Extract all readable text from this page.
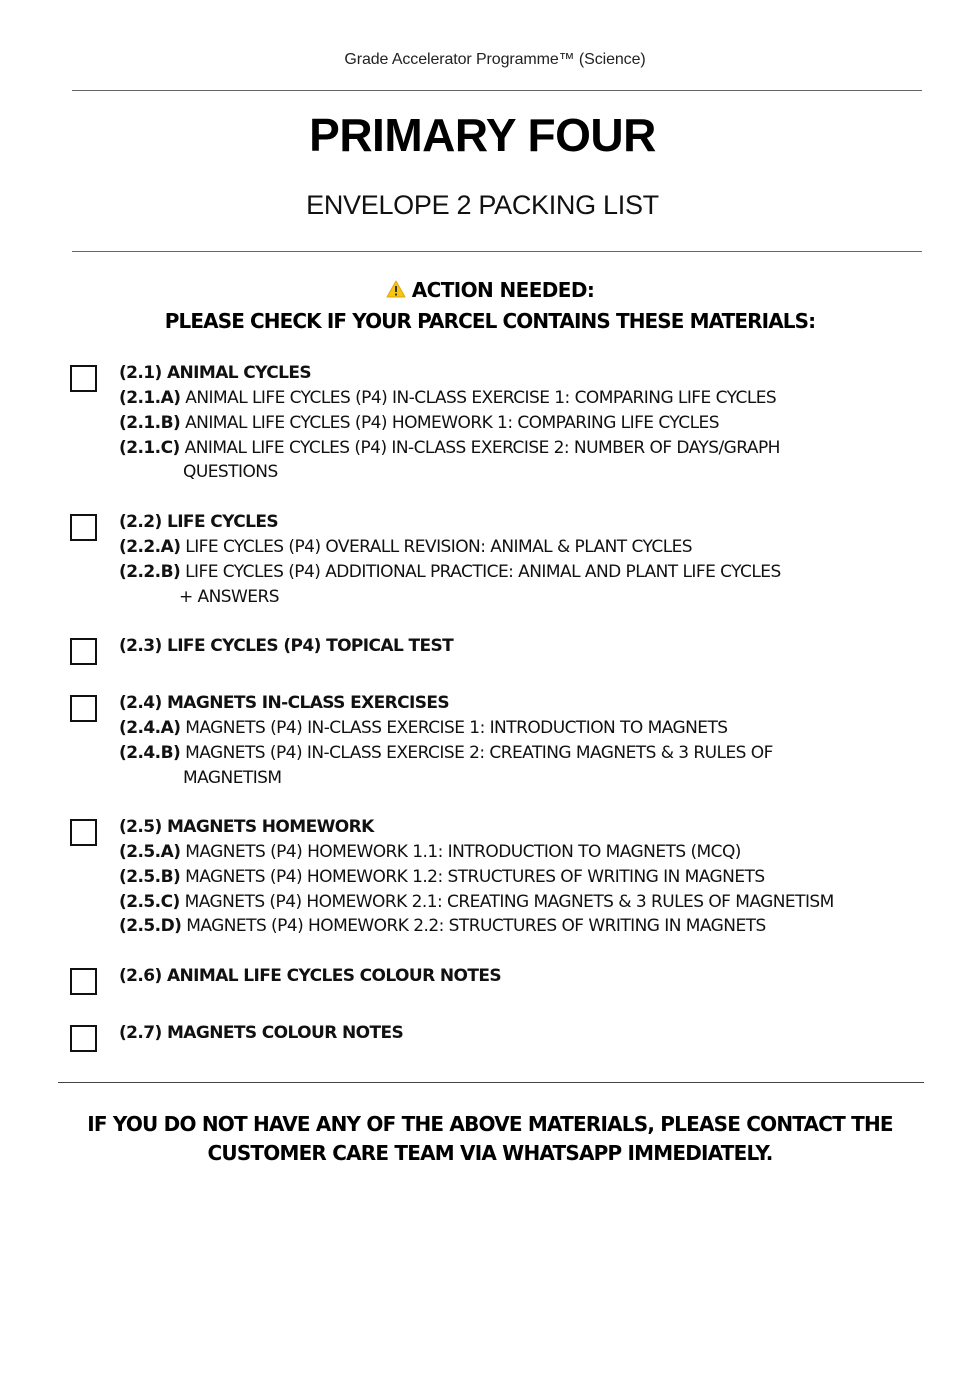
Grade Accelerator Programme™ (Science)
PRIMARY FOUR
ENVELOPE 2 PACKING LIST
ACTION NEEDED:
PLEASE CHECK IF YOUR PARCEL CONTAINS THESE MATERIALS:
(2.1) ANIMAL CYCLES
(2.1.A) ANIMAL LIFE CYCLES (P4) IN-CLASS EXERCISE 1: COMPARING LIFE CYCLES
(2.1.B) ANIMAL LIFE CYCLES (P4) HOMEWORK 1: COMPARING LIFE CYCLES
(2.1.C) ANIMAL LIFE CYCLES (P4) IN-CLASS EXERCISE 2: NUMBER OF DAYS/GRAPH
QUESTIONS
(2.2) LIFE CYCLES
(2.2.A) LIFE CYCLES (P4) OVERALL REVISION: ANIMAL & PLANT CYCLES
(2.2.B) LIFE CYCLES (P4) ADDITIONAL PRACTICE: ANIMAL AND PLANT LIFE CYCLES
+ ANSWERS
(2.3) LIFE CYCLES (P4) TOPICAL TEST
(2.4) MAGNETS IN-CLASS EXERCISES
(2.4.A) MAGNETS (P4) IN-CLASS EXERCISE 1: INTRODUCTION TO MAGNETS
(2.4.B) MAGNETS (P4) IN-CLASS EXERCISE 2: CREATING MAGNETS & 3 RULES OF
MAGNETISM
(2.5) MAGNETS HOMEWORK
(2.5.A) MAGNETS (P4) HOMEWORK 1.1: INTRODUCTION TO MAGNETS (MCQ)
(2.5.B) MAGNETS (P4) HOMEWORK 1.2: STRUCTURES OF WRITING IN MAGNETS
(2.5.C) MAGNETS (P4) HOMEWORK 2.1: CREATING MAGNETS & 3 RULES OF MAGNETISM
(2.5.D) MAGNETS (P4) HOMEWORK 2.2: STRUCTURES OF WRITING IN MAGNETS
(2.6) ANIMAL LIFE CYCLES COLOUR NOTES
(2.7) MAGNETS COLOUR NOTES
IF YOU DO NOT HAVE ANY OF THE ABOVE MATERIALS, PLEASE CONTACT THE
CUSTOMER CARE TEAM VIA WHATSAPP IMMEDIATELY.
